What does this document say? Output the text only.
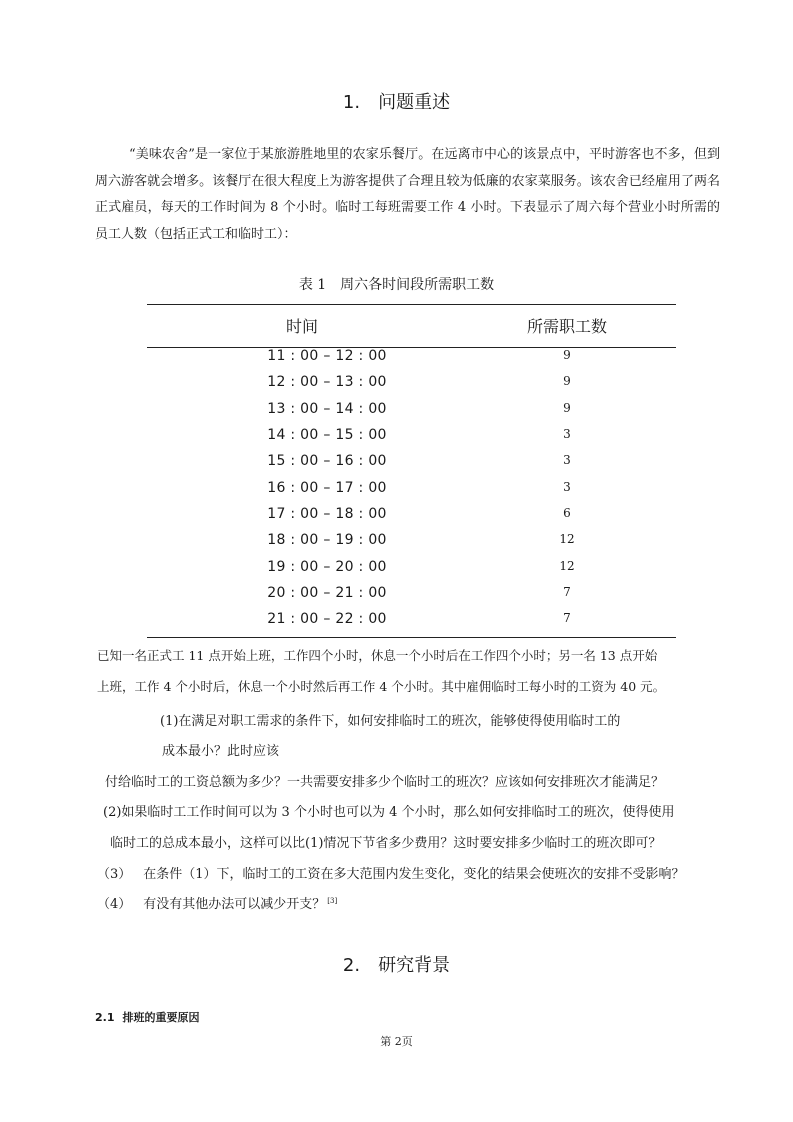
1. 问题重述
“美味农舍”是一家位于某旅游胜地里的农家乐餐厅。在远离市中心的该景点中，平时游客也不多，但到周六游客就会增多。该餐厅在很大程度上为游客提供了合理且较为低廉的农家菜服务。该农舍已经雇用了两名正式雇员，每天的工作时间为 8 个小时。临时工每班需要工作 4 小时。下表显示了周六每个营业小时所需的员工人数（包括正式工和临时工）：
表 1 周六各时间段所需职工数
时间	所需职工数
11 : 00 – 12 : 00	9
12 : 00 – 13 : 00	9
13 : 00 – 14 : 00	9
14 : 00 – 15 : 00	3
15 : 00 – 16 : 00	3
16 : 00 – 17 : 00	3
17 : 00 – 18 : 00	6
18 : 00 – 19 : 00	12
19 : 00 – 20 : 00	12
20 : 00 – 21 : 00	7
21 : 00 – 22 : 00	7
已知一名正式工 11 点开始上班，工作四个小时，休息一个小时后在工作四个小时；另一名 13 点开始
上班，工作 4 个小时后，休息一个小时然后再工作 4 个小时。其中雇佣临时工每小时的工资为 40 元。
(1)在满足对职工需求的条件下，如何安排临时工的班次，能够使得使用临时工的
成本最小？此时应该
付给临时工的工资总额为多少？一共需要安排多少个临时工的班次？应该如何安排班次才能满足？
(2)如果临时工工作时间可以为 3 个小时也可以为 4 个小时，那么如何安排临时工的班次，使得使用
临时工的总成本最小，这样可以比(1)情况下节省多少费用？这时要安排多少临时工的班次即可？
（3） 在条件（1）下，临时工的工资在多大范围内发生变化，变化的结果会使班次的安排不受影响？
（4） 有没有其他办法可以减少开支？ [3]
2. 研究背景
2.1 排班的重要原因
第 2页
